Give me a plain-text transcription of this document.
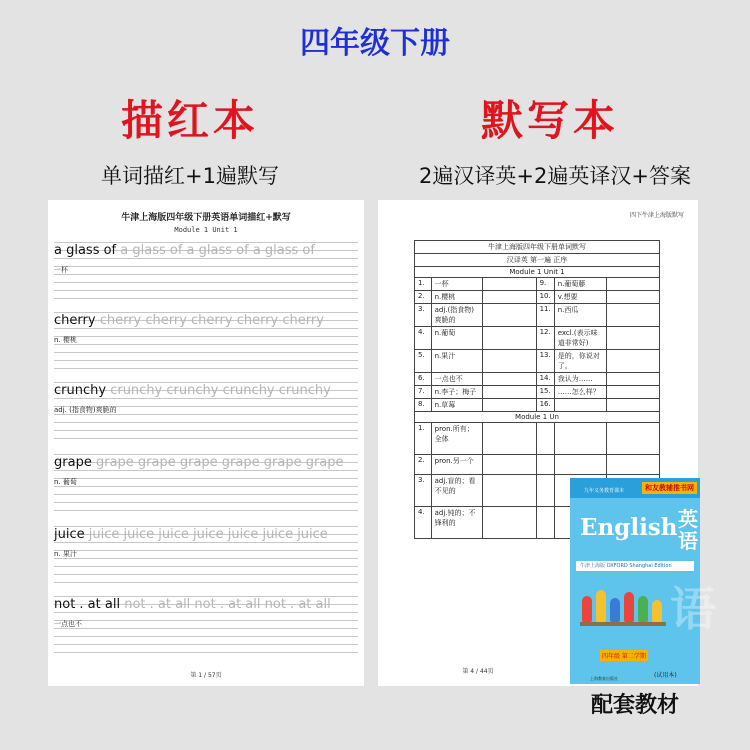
四年级下册
描红本	默写本
单词描红+1遍默写	2遍汉译英+2遍英译汉+答案
牛津上海版四年级下册英语单词描红+默写
Module 1 Unit 1
a glass of a glass of a glass of a glass of
一杯
cherry cherry cherry cherry cherry cherry
n. 樱桃
crunchy crunchy crunchy crunchy crunchy
adj. (指食物)爽脆的
grape grape grape grape grape grape grape
n. 葡萄
juice juice juice juice juice juice juice juice
n. 果汁
not . at all not . at all not . at all not . at all
一点也不
第 1 / 57页
四下牛津上海版默写
牛津上海版四年级下册单词默写					
汉译英 第一遍 正序					
Module 1 Unit 1					
1.	一杯		9.	n.葡萄藤	
2.	n.樱桃		10.	v.想要	
3.	adj.(指食物)爽脆的		11.	n.西瓜	
4.	n.葡萄		12.	excl.(表示味道非常好)	
5.	n.果汁		13.	是的，你说对了。	
6.	一点也不		14.	我认为……	
7.	n.李子；梅子		15.	……怎么样？	
8.	n.草莓		16.		
Module 1 Un					
1.	pron.所有；全体				
2.	pron.另一个				
3.	adj.盲的；看不见的				
4.	adj.钝的；不锋利的				
第 4 / 44页
九年义务教育课本	和友教辅推书网
English 英语
牛津上海版 OXFORD Shanghai Edition
语
四年级 第二学期
(试用本)
上海教育出版社
配套教材
